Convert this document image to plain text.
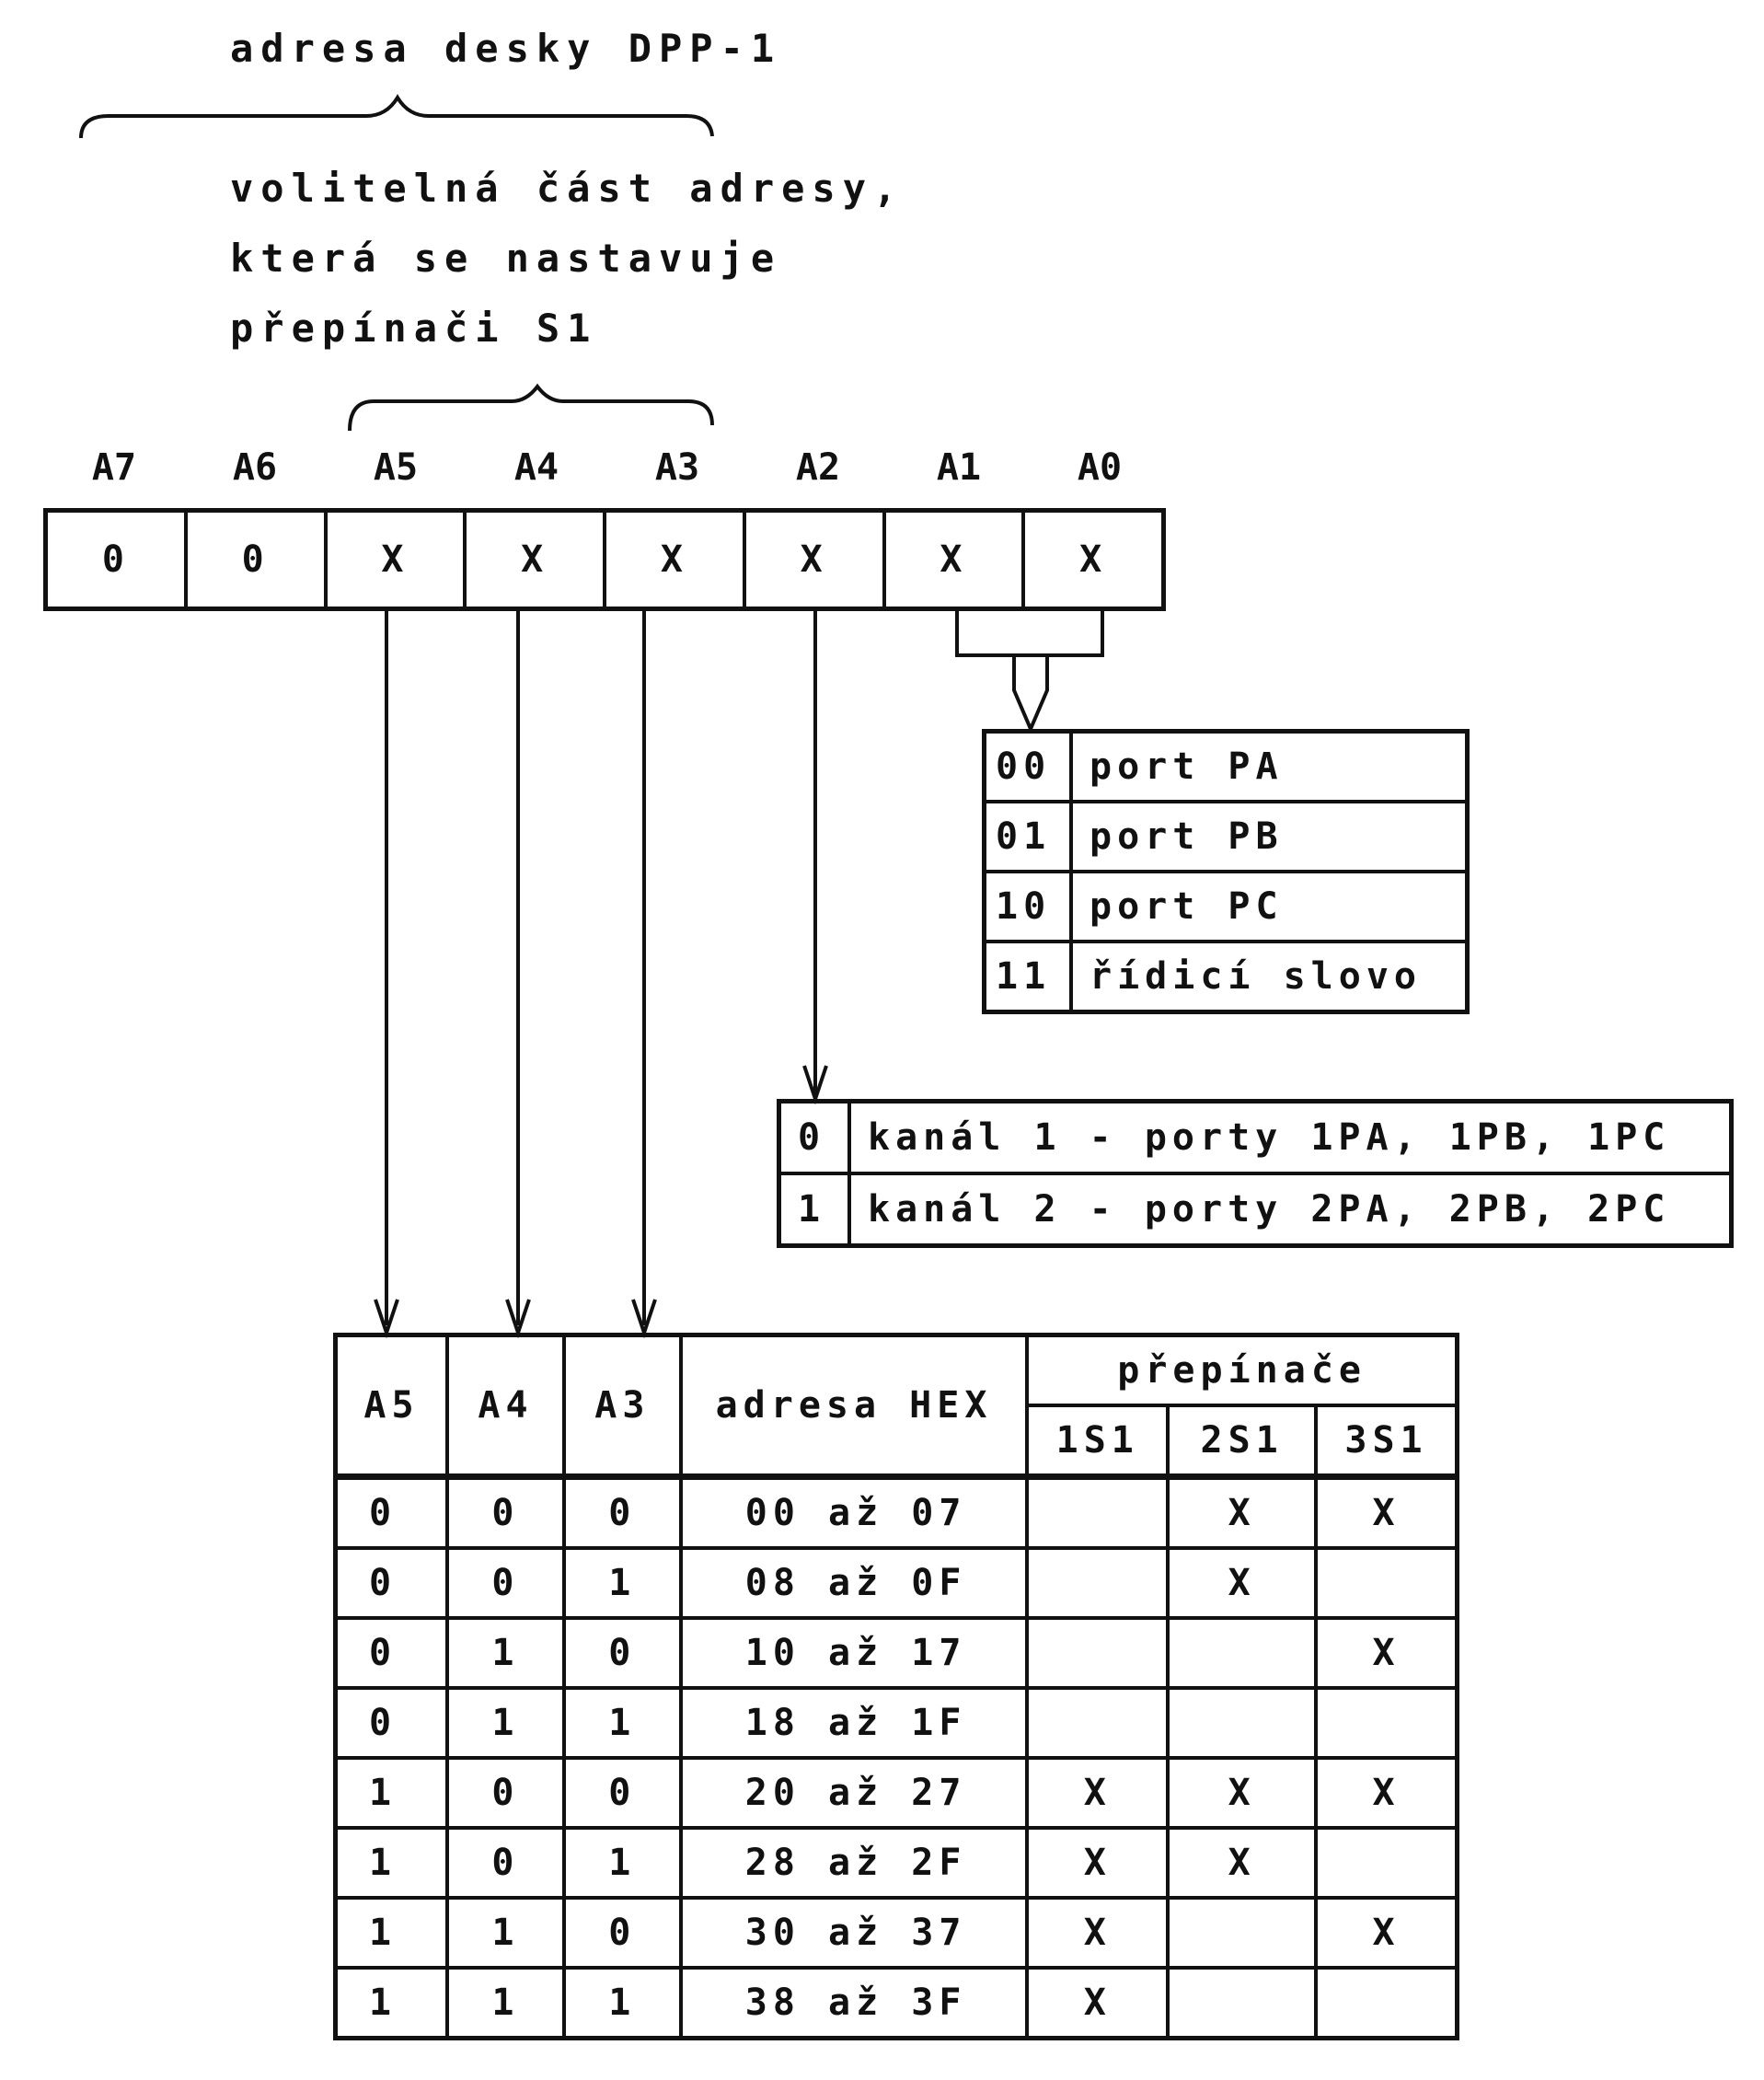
adresa desky DPP-1
volitelná část adresy,
která se nastavuje
přepínači S1
A7	A6	A5	A4	A3	A2	A1	A0
0	0	X	X	X	X	X	X
00	port PA
01	port PB
10	port PC
11	řídicí slovo
0	kanál 1 - porty 1PA, 1PB, 1PC
1	kanál 2 - porty 2PA, 2PB, 2PC
A5	A4	A3	adresa HEX	přepínače		
				1S1	2S1	3S1
0	0	0	00 až 07		X	X
0	0	1	08 až 0F		X	
0	1	0	10 až 17			X
0	1	1	18 až 1F			
1	0	0	20 až 27	X	X	X
1	0	1	28 až 2F	X	X	
1	1	0	30 až 37	X		X
1	1	1	38 až 3F	X		
